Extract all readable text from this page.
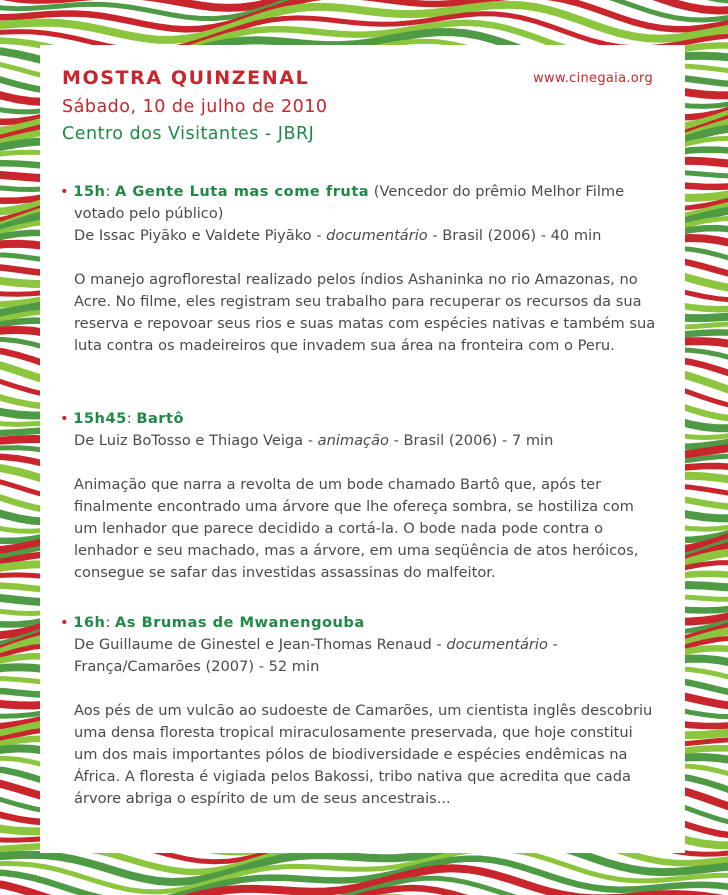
MOSTRA QUINZENAL	www.cinegaia.org
Sábado, 10 de julho de 2010
Centro dos Visitantes - JBRJ

• 15h: A Gente Luta mas come fruta (Vencedor do prêmio Melhor Filme votado pelo público)

De Issac Piyãko e Valdete Piyãko - documentário - Brasil (2006) - 40 min

O manejo agroflorestal realizado pelos índios Ashaninka no rio Amazonas, no Acre. No filme, eles registram seu trabalho para recuperar os recursos da sua reserva e repovoar seus rios e suas matas com espécies nativas e também sua luta contra os madeireiros que invadem sua área na fronteira com o Peru.

• 15h45: Bartô

De Luiz BoTosso e Thiago Veiga - animação - Brasil (2006) - 7 min

Animação que narra a revolta de um bode chamado Bartô que, após ter finalmente encontrado uma árvore que lhe ofereça sombra, se hostiliza com um lenhador que parece decidido a cortá-la. O bode nada pode contra o lenhador e seu machado, mas a árvore, em uma seqüência de atos heróicos, consegue se safar das investidas assassinas do malfeitor.

• 16h: As Brumas de Mwanengouba

De Guillaume de Ginestel e Jean-Thomas Renaud - documentário - França/Camarões (2007) - 52 min

Aos pés de um vulcão ao sudoeste de Camarões, um cientista inglês descobriu uma densa floresta tropical miraculosamente preservada, que hoje constitui um dos mais importantes pólos de biodiversidade e espécies endêmicas na África. A floresta é vigiada pelos Bakossi, tribo nativa que acredita que cada árvore abriga o espírito de um de seus ancestrais...
